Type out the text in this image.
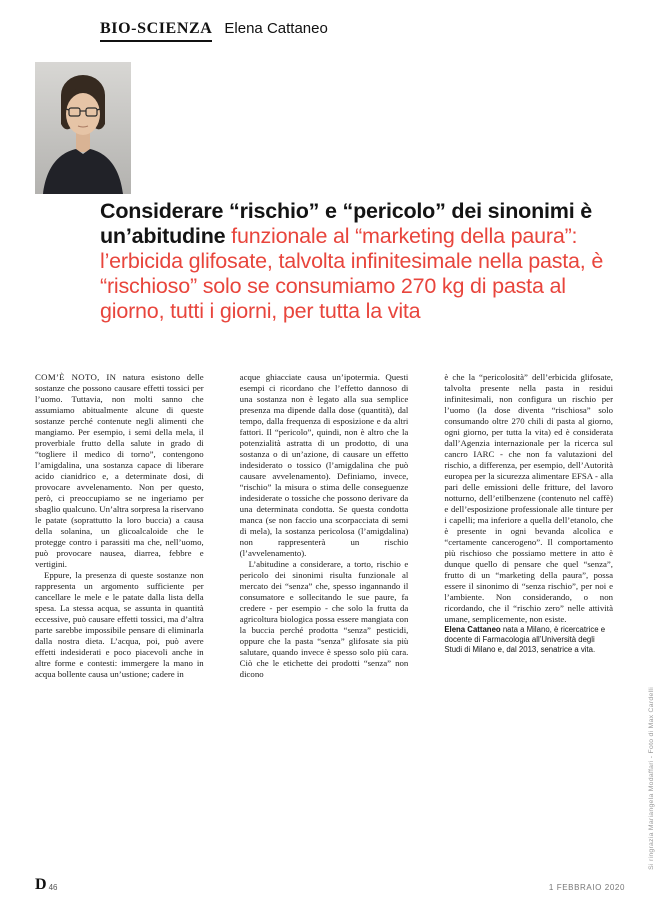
BIO-SCIENZA Elena Cattaneo
Considerare “rischio” e “pericolo” dei sinonimi è un’abitudine funzionale al “marketing della paura”: l’erbicida glifosate, talvolta infinitesimale nella pasta, è “rischioso” solo se consumiamo 270 kg di pasta al giorno, tutti i giorni, per tutta la vita

COM’È NOTO, IN natura esistono delle sostanze che possono causare effetti tossici per l’uomo. Tuttavia, non molti sanno che assumiamo abitualmente alcune di queste sostanze perché contenute negli alimenti che mangiamo. Per esempio, i semi della mela, il proverbiale frutto della salute in grado di “togliere il medico di torno”, contengono l’amigdalina, una sostanza capace di liberare acido cianidrico e, a determinate dosi, di provocare avvelenamento. Non per questo, però, ci preoccupiamo se ne ingeriamo per sbaglio qualcuno. Un’altra sorpresa la riservano le patate (soprattutto la loro buccia) a causa della solanina, un glicoalcaloide che le protegge contro i parassiti ma che, nell’uomo, può provocare nausea, diarrea, febbre e vertigini.

Eppure, la presenza di queste sostanze non rappresenta un argomento sufficiente per cancellare le mele e le patate dalla lista della spesa. La stessa acqua, se assunta in quantità eccessive, può causare effetti tossici, ma d’altra parte sarebbe impossibile pensare di eliminarla dalla nostra dieta. L’acqua, poi, può avere effetti indesiderati e poco piacevoli anche in altre forme e contesti: immergere la mano in acqua bollente causa un’ustione; cadere in

acque ghiacciate causa un’ipotermia. Questi esempi ci ricordano che l’effetto dannoso di una sostanza non è legato alla sua semplice presenza ma dipende dalla dose (quantità), dal tempo, dalla frequenza di esposizione e da altri fattori. Il “pericolo”, quindi, non è altro che la potenzialità astratta di un prodotto, di una sostanza o di un’azione, di causare un effetto indesiderato o tossico (l’amigdalina che può causare avvelenamento). Definiamo, invece, “rischio” la misura o stima delle conseguenze indesiderate o tossiche che possono derivare da una determinata condotta. Se questa condotta manca (se non faccio una scorpacciata di semi di mela), la sostanza pericolosa (l’amigdalina) non rappresenterà un rischio (l’avvelenamento).

L’abitudine a considerare, a torto, rischio e pericolo dei sinonimi risulta funzionale al mercato dei “senza” che, spesso ingannando il consumatore e sollecitando le sue paure, fa credere - per esempio - che solo la frutta da agricoltura biologica possa essere mangiata con la buccia perché prodotta “senza” pesticidi, oppure che la pasta “senza” glifosate sia più salutare, quando invece è spesso solo più cara. Ciò che le etichette dei prodotti “senza” non dicono

è che la “pericolosità” dell’erbicida glifosate, talvolta presente nella pasta in residui infinitesimali, non configura un rischio per l’uomo (la dose diventa “rischiosa” solo consumando oltre 270 chili di pasta al giorno, ogni giorno, per tutta la vita) ed è considerata dall’Agenzia internazionale per la ricerca sul cancro IARC - che non fa valutazioni del rischio, a differenza, per esempio, dell’Autorità europea per la sicurezza alimentare EFSA - alla pari delle emissioni delle fritture, del lavoro notturno, dell’etilbenzene (contenuto nel caffè) e dell’esposizione professionale alle tinture per i capelli; ma inferiore a quella dell’etanolo, che è presente in ogni bevanda alcolica e “certamente cancerogeno”. Il comportamento più rischioso che possiamo mettere in atto è dunque quello di pensare che quel “senza”, frutto di un “marketing della paura”, possa essere il sinonimo di “senza rischio”, per noi e l’ambiente. Non considerando, o non ricordando, che il “rischio zero” nelle attività umane, semplicemente, non esiste.

Elena Cattaneo nata a Milano, è ricercatrice e docente di Farmacologia all’Università degli Studi di Milano e, dal 2013, senatrice a vita.

Si ringrazia Mariangela Modaffari - Foto di Max Cardelli
D 46	1 FEBBRAIO 2020
